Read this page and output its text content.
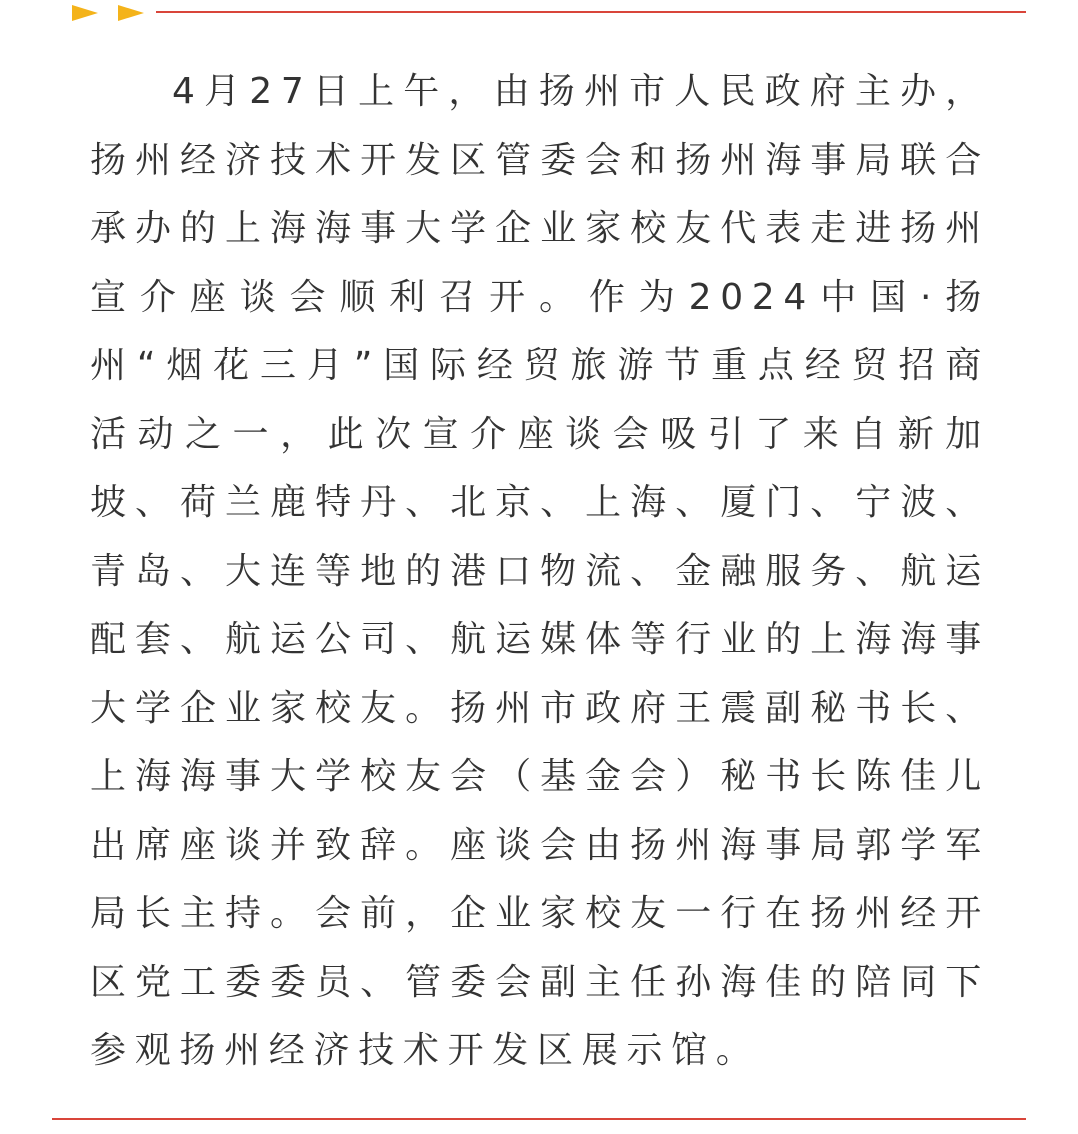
4月27日上午，由扬州市人民政府主办，扬州经济技术开发区管委会和扬州海事局联合承办的上海海事大学企业家校友代表走进扬州宣介座谈会顺利召开。作为2024中国·扬州“烟花三月”国际经贸旅游节重点经贸招商活动之一，此次宣介座谈会吸引了来自新加坡、荷兰鹿特丹、北京、上海、厦门、宁波、青岛、大连等地的港口物流、金融服务、航运配套、航运公司、航运媒体等行业的上海海事大学企业家校友。扬州市政府王震副秘书长、上海海事大学校友会（基金会）秘书长陈佳儿出席座谈并致辞。座谈会由扬州海事局郭学军局长主持。会前，企业家校友一行在扬州经开区党工委委员、管委会副主任孙海佳的陪同下参观扬州经济技术开发区展示馆。
